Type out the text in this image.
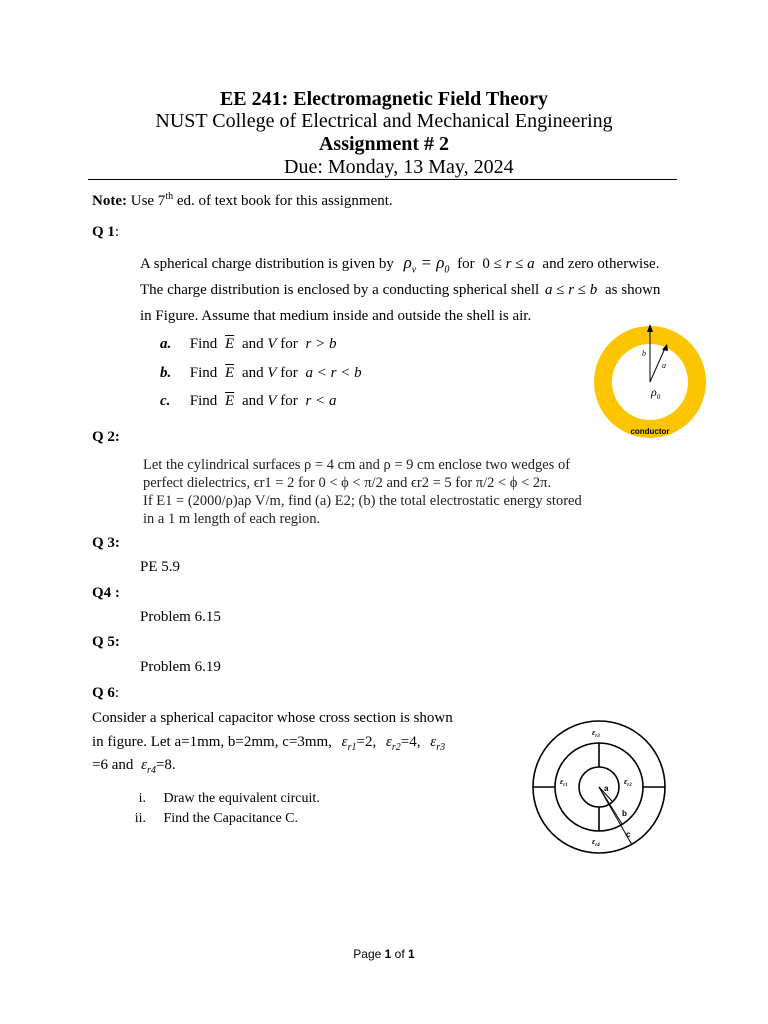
EE 241: Electromagnetic Field Theory
NUST College of Electrical and Mechanical Engineering
Assignment # 2
Due: Monday, 13 May, 2024
Note: Use 7th ed. of text book for this assignment.
Q 1:
A spherical charge distribution is given by $\rho_v = \rho_0$ for 0 ≤ r ≤ a and zero otherwise.
The charge distribution is enclosed by a conducting spherical shell a ≤ r ≤ b as shown
in Figure. Assume that medium inside and outside the shell is air.
a. Find $\overline{E}$ and V for r > b
b. Find $\overline{E}$ and V for a < r < b
c. Find $\overline{E}$ and V for r < a
b
a
$\rho_0$
conductor
Q 2:
Let the cylindrical surfaces ρ = 4 cm and ρ = 9 cm enclose two wedges of
perfect dielectrics, ϵr1 = 2 for 0 < ϕ < π/2 and ϵr2 = 5 for π/2 < ϕ < 2π.
If E1 = (2000/ρ)aρ V/m, find (a) E2; (b) the total electrostatic energy stored
in a 1 m length of each region.
Q 3:
PE 5.9
Q4 :
Problem 6.15
Q 5:
Problem 6.19
Q 6:
Consider a spherical capacitor whose cross section is shown
in figure. Let a=1mm, b=2mm, c=3mm, $\varepsilon_{r1}=2$, $\varepsilon_{r2}=4$, $\varepsilon_{r3}$
=6 and $\varepsilon_{r4}=8$.
i. Draw the equivalent circuit.
ii. Find the Capacitance C.
a
b
c
$\varepsilon_{r3}$
$\varepsilon_{r1}$	$\varepsilon_{r2}$
$\varepsilon_{r4}$
Page 1 of 1
